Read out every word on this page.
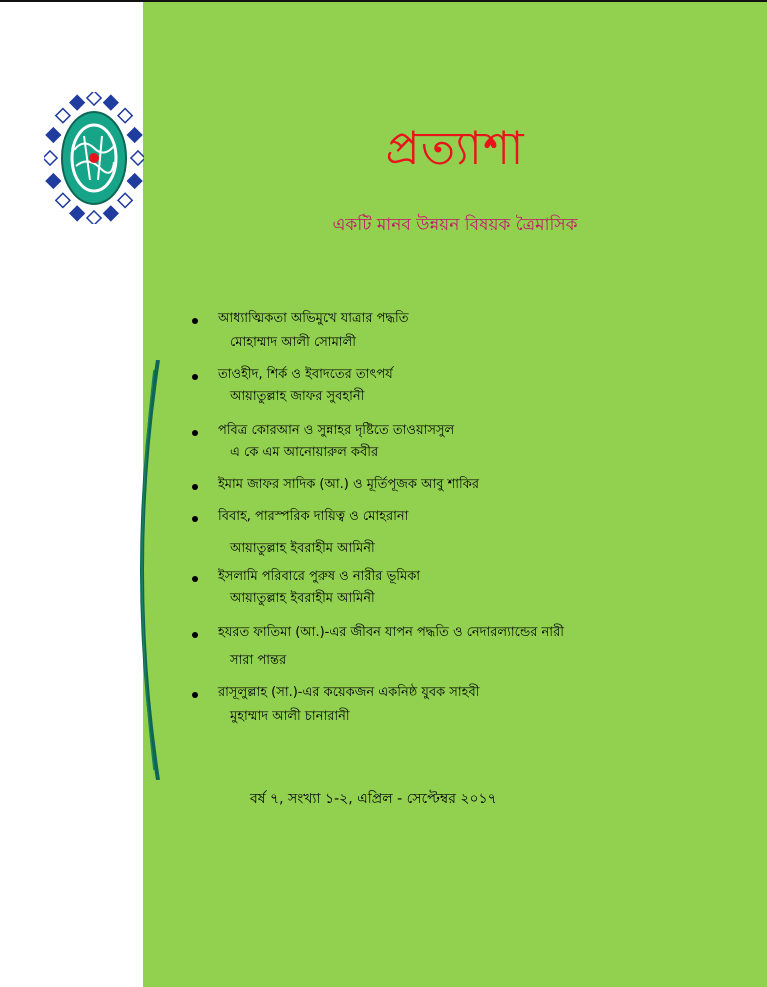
প্রত্যাশা
একটি মানব উন্নয়ন বিষয়ক ত্রৈমাসিক
আধ্যাত্মিকতা অভিমুখে যাত্রার পদ্ধতি
মোহাম্মাদ আলী সোমালী
তাওহীদ, শির্ক ও ইবাদতের তাৎপর্য
আয়াতুল্লাহ জাফর সুবহানী
পবিত্র কোরআন ও সুন্নাহর দৃষ্টিতে তাওয়াসসুল
এ কে এম আনোয়ারুল কবীর
ইমাম জাফর সাদিক (আ.) ও মূর্তিপূজক আবু শাকির
বিবাহ, পারস্পরিক দায়িত্ব ও মোহরানা
আয়াতুল্লাহ ইবরাহীম আমিনী
ইসলামি পরিবারে পুরুষ ও নারীর ভূমিকা
আয়াতুল্লাহ ইবরাহীম আমিনী
হযরত ফাতিমা (আ.)-এর জীবন যাপন পদ্ধতি ও নেদারল্যান্ডের নারী
সারা পান্তর
রাসূলুল্লাহ (সা.)-এর কয়েকজন একনিষ্ঠ যুবক সাহবী
মুহাম্মাদ আলী চানারানী
বর্ষ ৭, সংখ্যা ১-২, এপ্রিল - সেপ্টেম্বর ২০১৭
